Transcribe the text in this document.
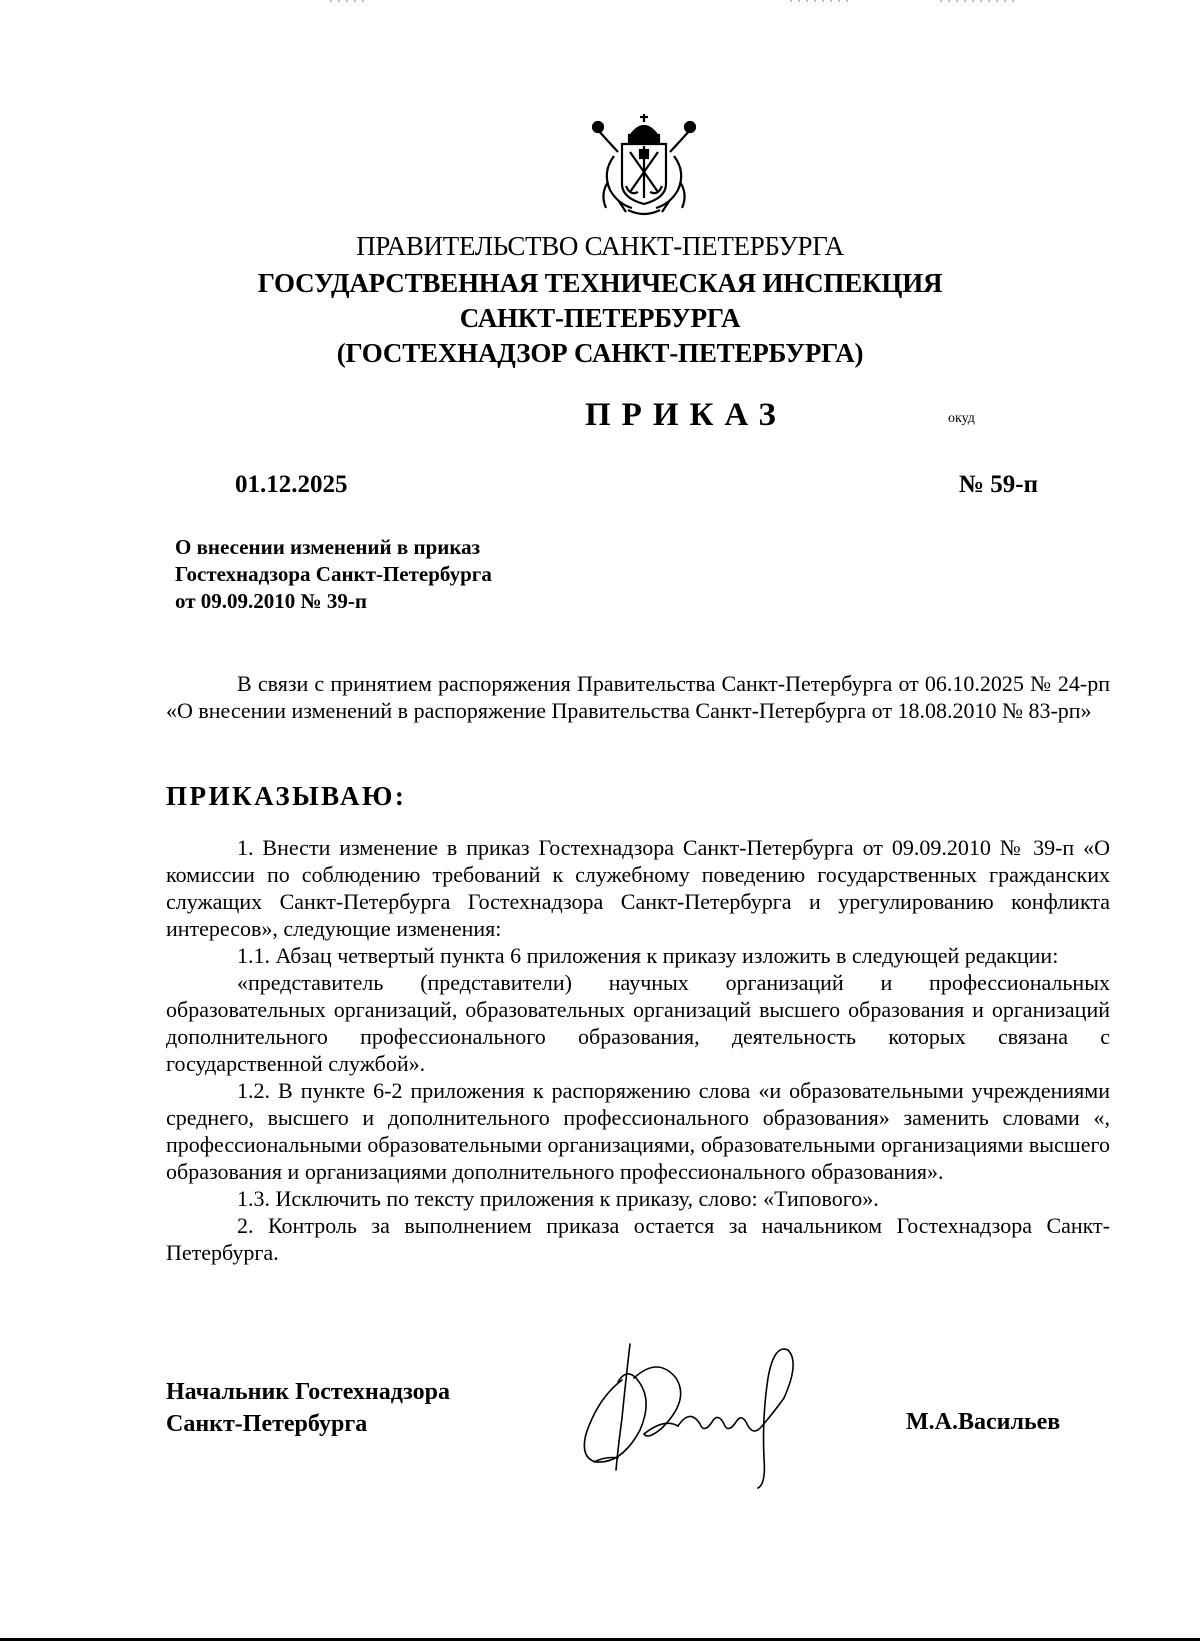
ПРАВИТЕЛЬСТВО САНКТ-ПЕТЕРБУРГА
ГОСУДАРСТВЕННАЯ ТЕХНИЧЕСКАЯ ИНСПЕКЦИЯ
САНКТ-ПЕТЕРБУРГА
(ГОСТЕХНАДЗОР САНКТ-ПЕТЕРБУРГА)
ПРИКАЗ	окуд
01.12.2025	№ 59-п
О внесении изменений в приказ
Гостехнадзора Санкт-Петербурга
от 09.09.2010 № 39-п

В связи с принятием распоряжения Правительства Санкт-Петербурга от 06.10.2025 № 24-рп «О внесении изменений в распоряжение Правительства Санкт-Петербурга от 18.08.2010 № 83-рп»

ПРИКАЗЫВАЮ:

1. Внести изменение в приказ Гостехнадзора Санкт-Петербурга от 09.09.2010 № 39-п «О комиссии по соблюдению требований к служебному поведению государственных гражданских служащих Санкт-Петербурга Гостехнадзора Санкт-Петербурга и урегулированию конфликта интересов», следующие изменения:

1.1. Абзац четвертый пункта 6 приложения к приказу изложить в следующей редакции:

«представитель (представители) научных организаций и профессиональных образовательных организаций, образовательных организаций высшего образования и организаций дополнительного профессионального образования, деятельность которых связана с государственной службой».

1.2. В пункте 6-2 приложения к распоряжению слова «и образовательными учреждениями среднего, высшего и дополнительного профессионального образования» заменить словами «, профессиональными образовательными организациями, образовательными организациями высшего образования и организациями дополнительного профессионального образования».

1.3. Исключить по тексту приложения к приказу, слово: «Типового».

2. Контроль за выполнением приказа остается за начальником Гостехнадзора Санкт-Петербурга.

Начальник Гостехнадзора
Санкт-Петербурга	М.А.Васильев
